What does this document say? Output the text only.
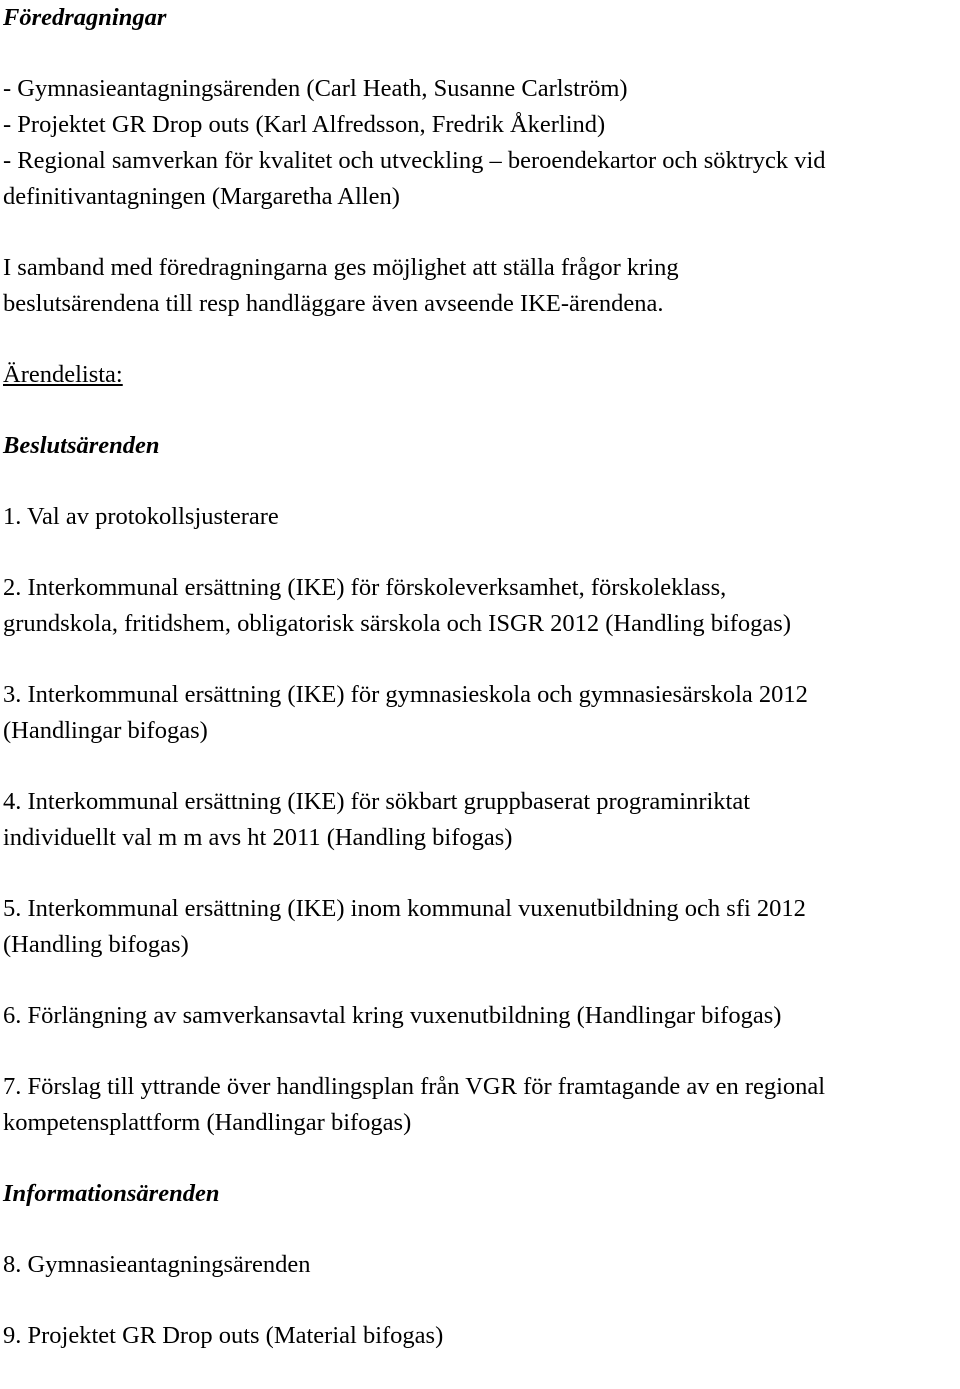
Föredragningar
- Gymnasieantagningsärenden (Carl Heath, Susanne Carlström)
- Projektet GR Drop outs (Karl Alfredsson, Fredrik Åkerlind)
- Regional samverkan för kvalitet och utveckling – beroendekartor och söktryck vid
definitivantagningen (Margaretha Allen)
I samband med föredragningarna ges möjlighet att ställa frågor kring
beslutsärendena till resp handläggare även avseende IKE-ärendena.
Ärendelista:
Beslutsärenden
1. Val av protokollsjusterare
2. Interkommunal ersättning (IKE) för förskoleverksamhet, förskoleklass,
grundskola, fritidshem, obligatorisk särskola och ISGR 2012 (Handling bifogas)
3. Interkommunal ersättning (IKE) för gymnasieskola och gymnasiesärskola 2012
(Handlingar bifogas)
4. Interkommunal ersättning (IKE) för sökbart gruppbaserat programinriktat
individuellt val m m avs ht 2011 (Handling bifogas)
5. Interkommunal ersättning (IKE) inom kommunal vuxenutbildning och sfi 2012
(Handling bifogas)
6. Förlängning av samverkansavtal kring vuxenutbildning (Handlingar bifogas)
7. Förslag till yttrande över handlingsplan från VGR för framtagande av en regional
kompetensplattform (Handlingar bifogas)
Informationsärenden
8. Gymnasieantagningsärenden
9. Projektet GR Drop outs (Material bifogas)
